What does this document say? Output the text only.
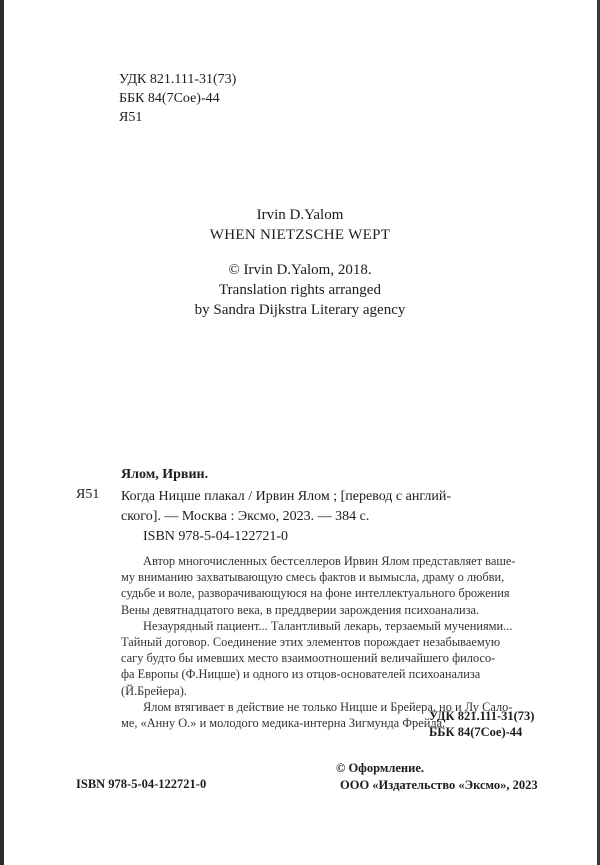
УДК 821.111-31(73)
ББК 84(7Сое)-44
Я51
Irvin D.Yalom
WHEN NIETZSCHE WEPT
© Irvin D.Yalom, 2018.
Translation rights arranged
by Sandra Dijkstra Literary agency
Ялом, Ирвин.
Я51 Когда Ницше плакал / Ирвин Ялом ; [перевод с англий-
ского]. — Москва : Эксмо, 2023. — 384 с.
ISBN 978-5-04-122721-0
Автор многочисленных бестселлеров Ирвин Ялом представляет ваше-
му вниманию захватывающую смесь фактов и вымысла, драму о любви,
судьбе и воле, разворачивающуюся на фоне интеллектуального брожения
Вены девятнадцатого века, в преддверии зарождения психоанализа.
Незаурядный пациент... Талантливый лекарь, терзаемый мучениями...
Тайный договор. Соединение этих элементов порождает незабываемую
сагу будто бы имевших место взаимоотношений величайшего филосо-
фа Европы (Ф.Ницше) и одного из отцов-основателей психоанализа
(Й.Брейера).
Ялом втягивает в действие не только Ницше и Брейера, но и Лу Сало-
ме, «Анну О.» и молодого медика-интерна Зигмунда Фрейда.
УДК 821.111-31(73)
ББК 84(7Сое)-44
© Оформление.
ООО «Издательство «Эксмо», 2023
ISBN 978-5-04-122721-0
